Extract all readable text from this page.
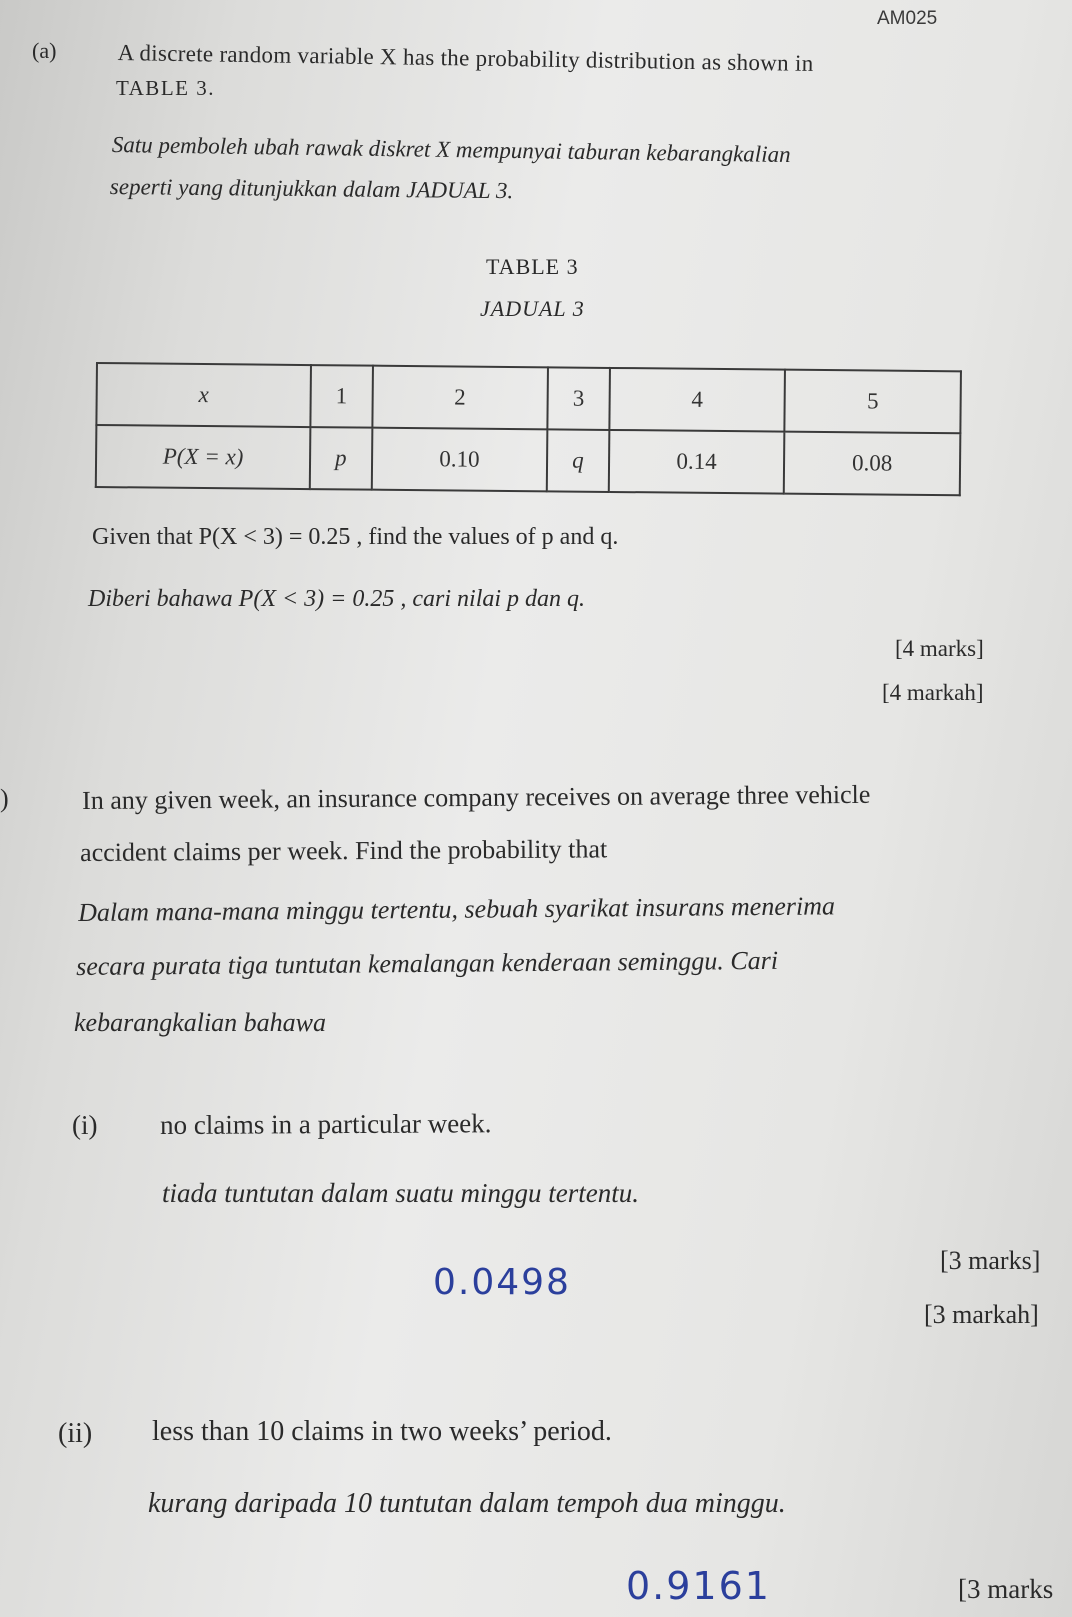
AM025
(a)	A discrete random variable X has the probability distribution as shown in
TABLE 3.
Satu pemboleh ubah rawak diskret X mempunyai taburan kebarangkalian
seperti yang ditunjukkan dalam JADUAL 3.
TABLE 3
JADUAL 3
x	1	2	3	4	5
P(X = x)	p	0.10	q	0.14	0.08
Given that P(X < 3) = 0.25 , find the values of p and q.
Diberi bahawa P(X < 3) = 0.25 , cari nilai p dan q.
[4 marks]
[4 markah]
)	In any given week, an insurance company receives on average three vehicle
accident claims per week. Find the probability that
Dalam mana-mana minggu tertentu, sebuah syarikat insurans menerima
secara purata tiga tuntutan kemalangan kenderaan seminggu. Cari
kebarangkalian bahawa
(i) no claims in a particular week.
tiada tuntutan dalam suatu minggu tertentu.
0.0498
[3 marks]
[3 markah]
(ii) less than 10 claims in two weeks’ period.
kurang daripada 10 tuntutan dalam tempoh dua minggu.
0.9161	[3 marks
